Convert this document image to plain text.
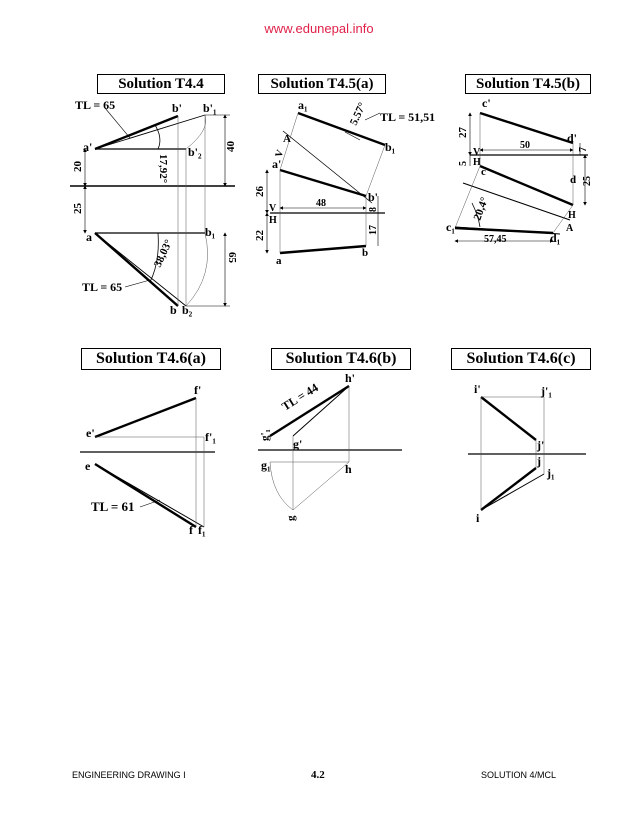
www.edunepal.info
Solution T4.4	Solution T4.5(a)	Solution T4.5(b)
Solution T4.6(a)	Solution T4.6(b)	Solution T4.6(c)
TL = 65	b' b'₁
a'	b'₂
17,92°
20
40
25
a	b₁
38,03°	65
TL = 65
b b₂
a₁	5.57° TL = 51,51
A
b₁
V
a'
26	b'
48
8
V
H
22	17
a
b
c'
27	d'
50	7
V
H
5
c
d 25
20,4°	H
c₁	A
d₁
57,45
f'
e'	f'₁
e
TL = 61
f f₁
h'
TL = 44
g'₁
g'
g₁	h
g
i'	j'₁
j'
j
j₁
i
ENGINEERING DRAWING I	4.2	SOLUTION 4/MCL
